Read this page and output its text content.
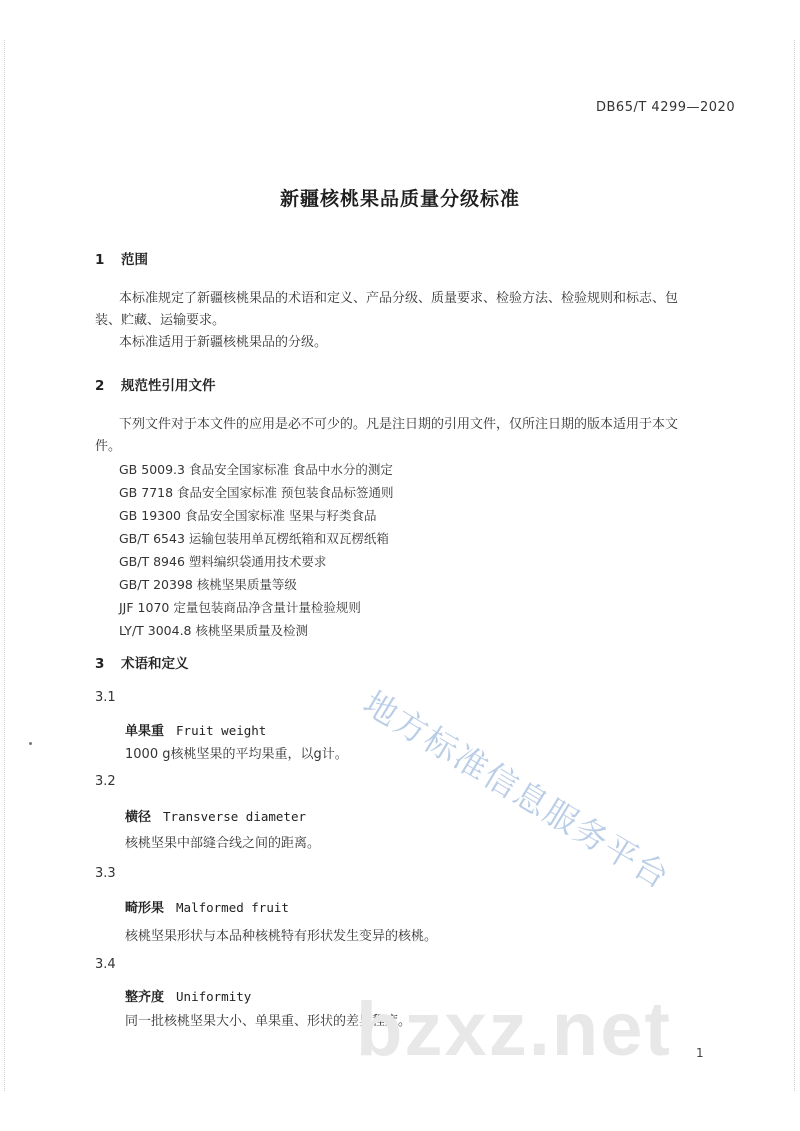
DB65/T 4299—2020
新疆核桃果品质量分级标准
1 范围
本标准规定了新疆核桃果品的术语和定义、产品分级、质量要求、检验方法、检验规则和标志、包
装、贮藏、运输要求。
本标准适用于新疆核桃果品的分级。
2 规范性引用文件
下列文件对于本文件的应用是必不可少的。凡是注日期的引用文件，仅所注日期的版本适用于本文
件。
GB 5009.3 食品安全国家标准 食品中水分的测定
GB 7718 食品安全国家标准 预包装食品标签通则
GB 19300 食品安全国家标准 坚果与籽类食品
GB/T 6543 运输包装用单瓦楞纸箱和双瓦楞纸箱
GB/T 8946 塑料编织袋通用技术要求
GB/T 20398 核桃坚果质量等级
JJF 1070 定量包装商品净含量计量检验规则
LY/T 3004.8 核桃坚果质量及检测
3 术语和定义
3.1
单果重 Fruit weight
1000 g核桃坚果的平均果重，以g计。
3.2
横径 Transverse diameter
核桃坚果中部缝合线之间的距离。
3.3
畸形果 Malformed fruit
核桃坚果形状与本品种核桃特有形状发生变异的核桃。
3.4
整齐度 Uniformity
同一批核桃坚果大小、单果重、形状的差异程度。
bzxz.net
地方标准信息服务平台
1
